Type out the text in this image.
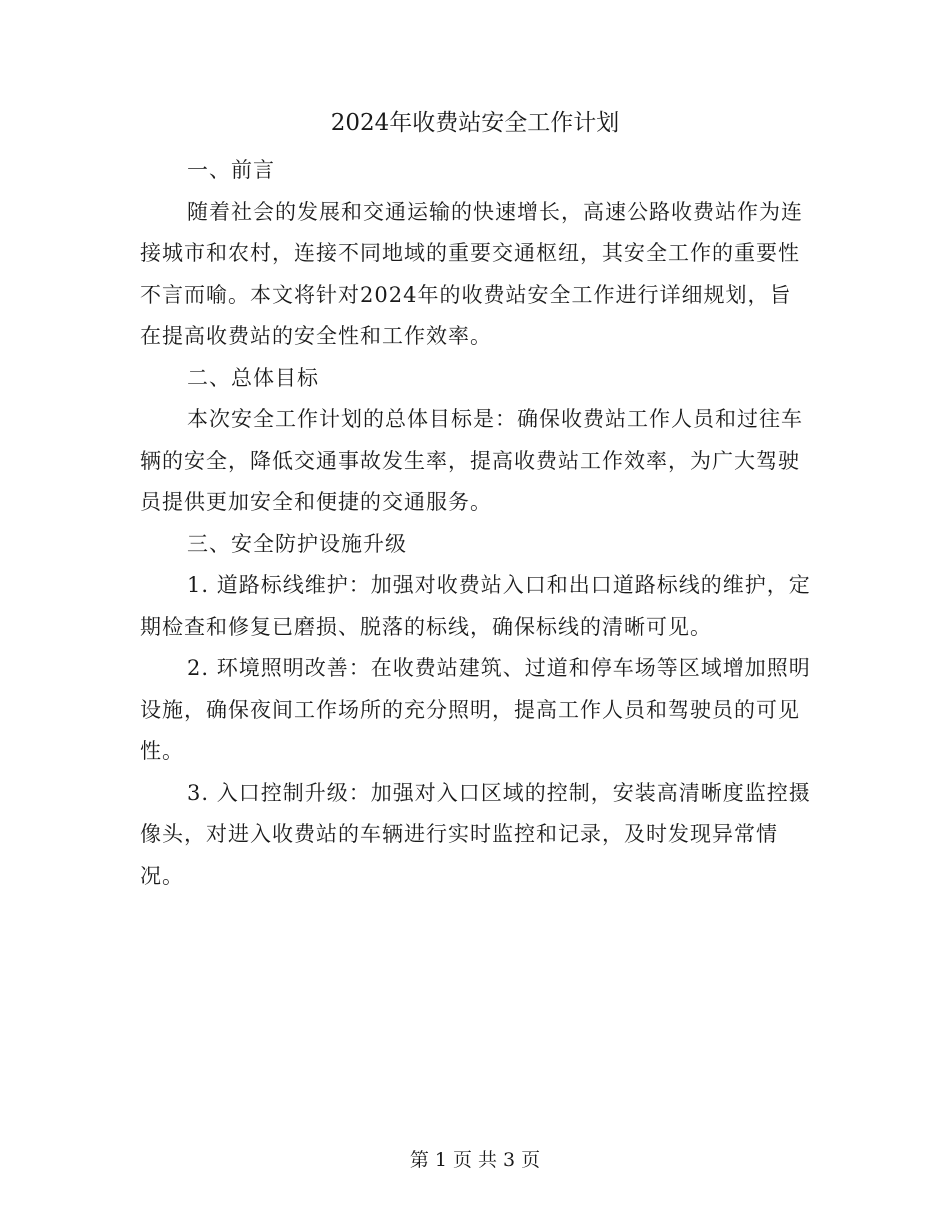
2024年收费站安全工作计划

一、前言

随着社会的发展和交通运输的快速增长，高速公路收费站作为连接城市和农村，连接不同地域的重要交通枢纽，其安全工作的重要性不言而喻。本文将针对2024年的收费站安全工作进行详细规划，旨在提高收费站的安全性和工作效率。

二、总体目标

本次安全工作计划的总体目标是：确保收费站工作人员和过往车辆的安全，降低交通事故发生率，提高收费站工作效率，为广大驾驶员提供更加安全和便捷的交通服务。

三、安全防护设施升级

1. 道路标线维护：加强对收费站入口和出口道路标线的维护，定期检查和修复已磨损、脱落的标线，确保标线的清晰可见。

2. 环境照明改善：在收费站建筑、过道和停车场等区域增加照明设施，确保夜间工作场所的充分照明，提高工作人员和驾驶员的可见性。

3. 入口控制升级：加强对入口区域的控制，安装高清晰度监控摄像头，对进入收费站的车辆进行实时监控和记录，及时发现异常情况。

第 1 页 共 3 页
